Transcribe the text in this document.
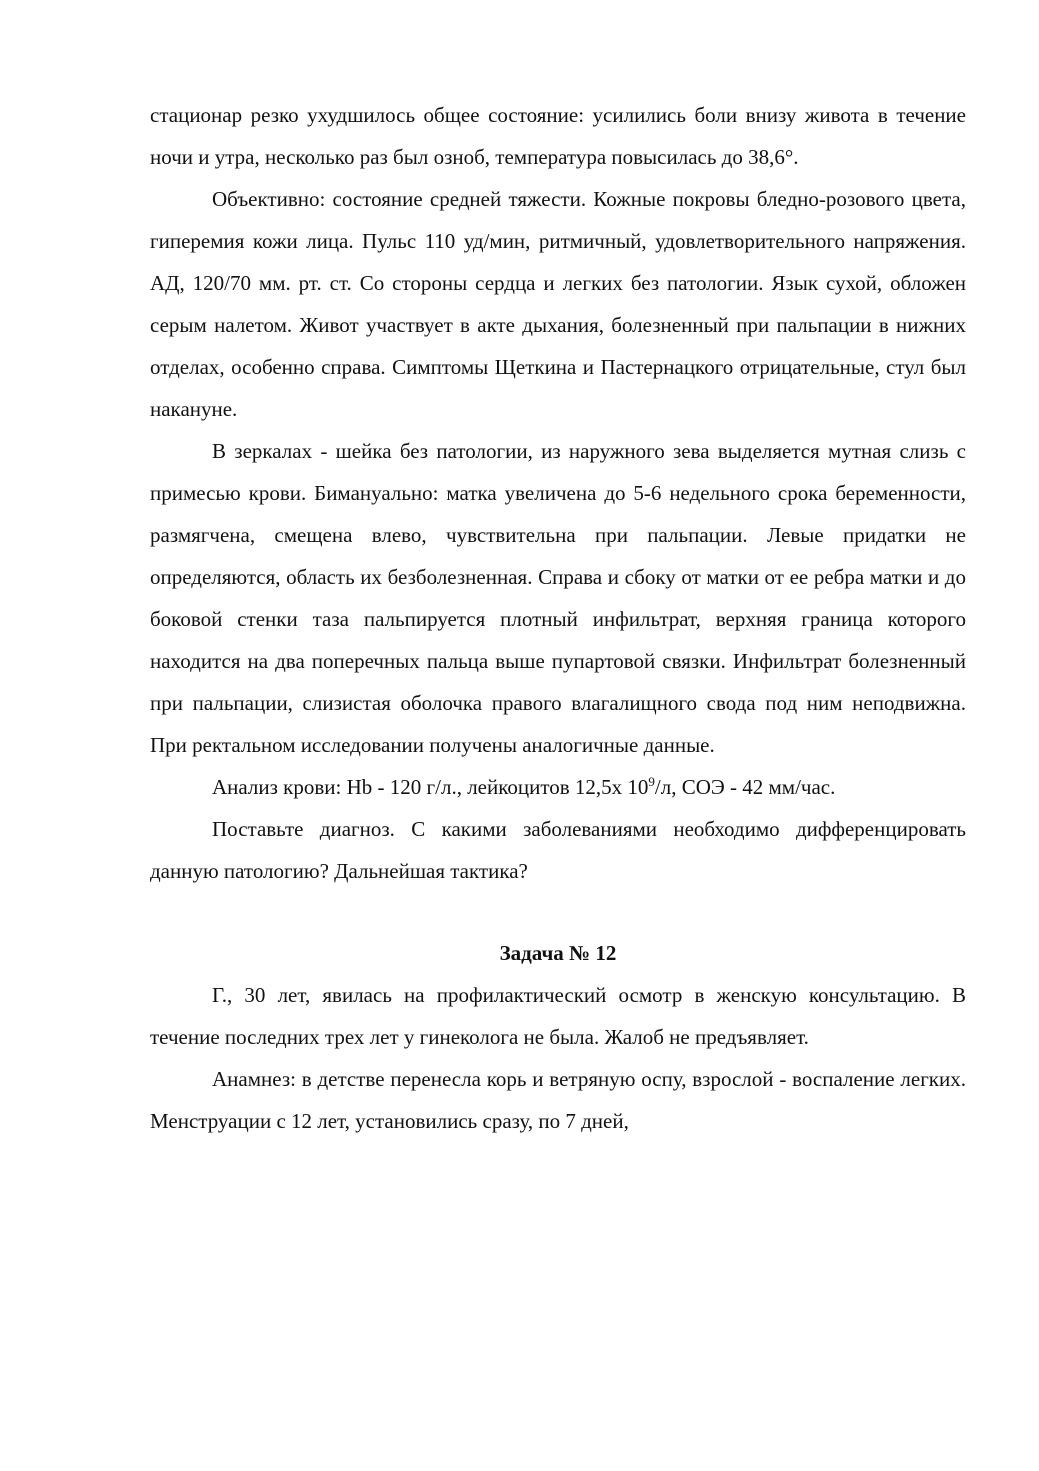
стационар резко ухудшилось общее состояние: усилились боли внизу живота в течение ночи и утра, несколько раз был озноб, температура повысилась до 38,6°.

Объективно: состояние средней тяжести. Кожные покровы бледно-розового цвета, гиперемия кожи лица. Пульс 110 уд/мин, ритмичный, удовлетворительного напряжения. АД, 120/70 мм. рт. ст. Со стороны сердца и легких без патологии. Язык сухой, обложен серым налетом. Живот участвует в акте дыхания, болезненный при пальпации в нижних отделах, особенно справа. Симптомы Щеткина и Пастернацкого отрицательные, стул был накануне.

В зеркалах - шейка без патологии, из наружного зева выделяется мутная слизь с примесью крови. Бимануально: матка увеличена до 5-6 недельного срока беременности, размягчена, смещена влево, чувствительна при пальпации. Левые придатки не определяются, область их безболезненная. Справа и сбоку от матки от ее ребра матки и до боковой стенки таза пальпируется плотный инфильтрат, верхняя граница которого находится на два поперечных пальца выше пупартовой связки. Инфильтрат болезненный при пальпации, слизистая оболочка правого влагалищного свода под ним неподвижна. При ректальном исследовании получены аналогичные данные.

Анализ крови: Hb - 120 г/л., лейкоцитов 12,5х $10^9/л$, СОЭ - 42 мм/час.

Поставьте диагноз. С какими заболеваниями необходимо дифференцировать данную патологию? Дальнейшая тактика?

Задача № 12

Г., 30 лет, явилась на профилактический осмотр в женскую консультацию. В течение последних трех лет у гинеколога не была. Жалоб не предъявляет.

Анамнез: в детстве перенесла корь и ветряную оспу, взрослой - воспаление легких. Менструации с 12 лет, установились сразу, по 7 дней,
